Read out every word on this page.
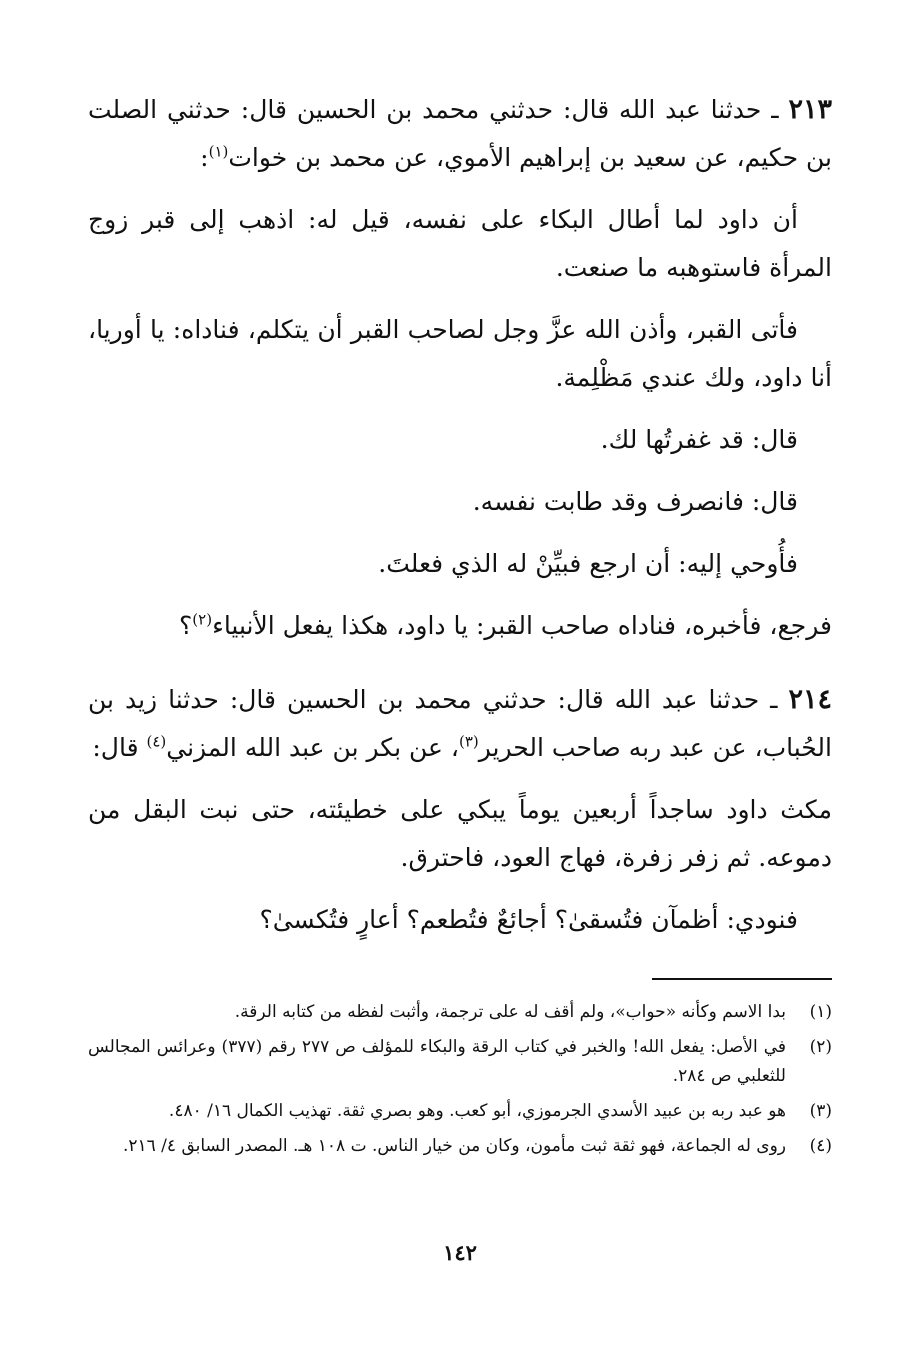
٢١٣ ـ حدثنا عبد الله قال: حدثني محمد بن الحسين قال: حدثني الصلت بن حكيم، عن سعيد بن إبراهيم الأموي، عن محمد بن خوات$^{(١)}$:

أن داود لما أطال البكاء على نفسه، قيل له: اذهب إلى قبر زوج المرأة فاستوهبه ما صنعت.

فأتى القبر، وأذن الله عزَّ وجل لصاحب القبر أن يتكلم، فناداه: يا أوريا، أنا داود، ولك عندي مَظْلِمة.

قال: قد غفرتُها لك.

قال: فانصرف وقد طابت نفسه.

فأُوحي إليه: أن ارجع فبيِّنْ له الذي فعلتَ.

فرجع، فأخبره، فناداه صاحب القبر: يا داود، هكذا يفعل الأنبياء$^{(٢)}$؟

٢١٤ ـ حدثنا عبد الله قال: حدثني محمد بن الحسين قال: حدثنا زيد بن الحُباب، عن عبد ربه صاحب الحرير$^{(٣)}$، عن بكر بن عبد الله المزني$^{(٤)}$ قال:

مكث داود ساجداً أربعين يوماً يبكي على خطيئته، حتى نبت البقل من دموعه. ثم زفر زفرة، فهاج العود، فاحترق.

فنودي: أظمآن فتُسقىٰ؟ أجائعٌ فتُطعم؟ أعارٍ فتُكسىٰ؟

(١)
بدا الاسم وكأنه «حواب»، ولم أقف له على ترجمة، وأثبت لفظه من كتابه الرقة.
(٢)
في الأصل: يفعل الله! والخبر في كتاب الرقة والبكاء للمؤلف ص ٢٧٧ رقم (٣٧٧) وعرائس المجالس للثعلبي ص ٢٨٤.
(٣)
هو عبد ربه بن عبيد الأسدي الجرموزي، أبو كعب. وهو بصري ثقة. تهذيب الكمال ١٦/ ٤٨٠.
(٤)
روى له الجماعة، فهو ثقة ثبت مأمون، وكان من خيار الناس. ت ١٠٨ هـ. المصدر السابق ٤/ ٢١٦.
١٤٢
